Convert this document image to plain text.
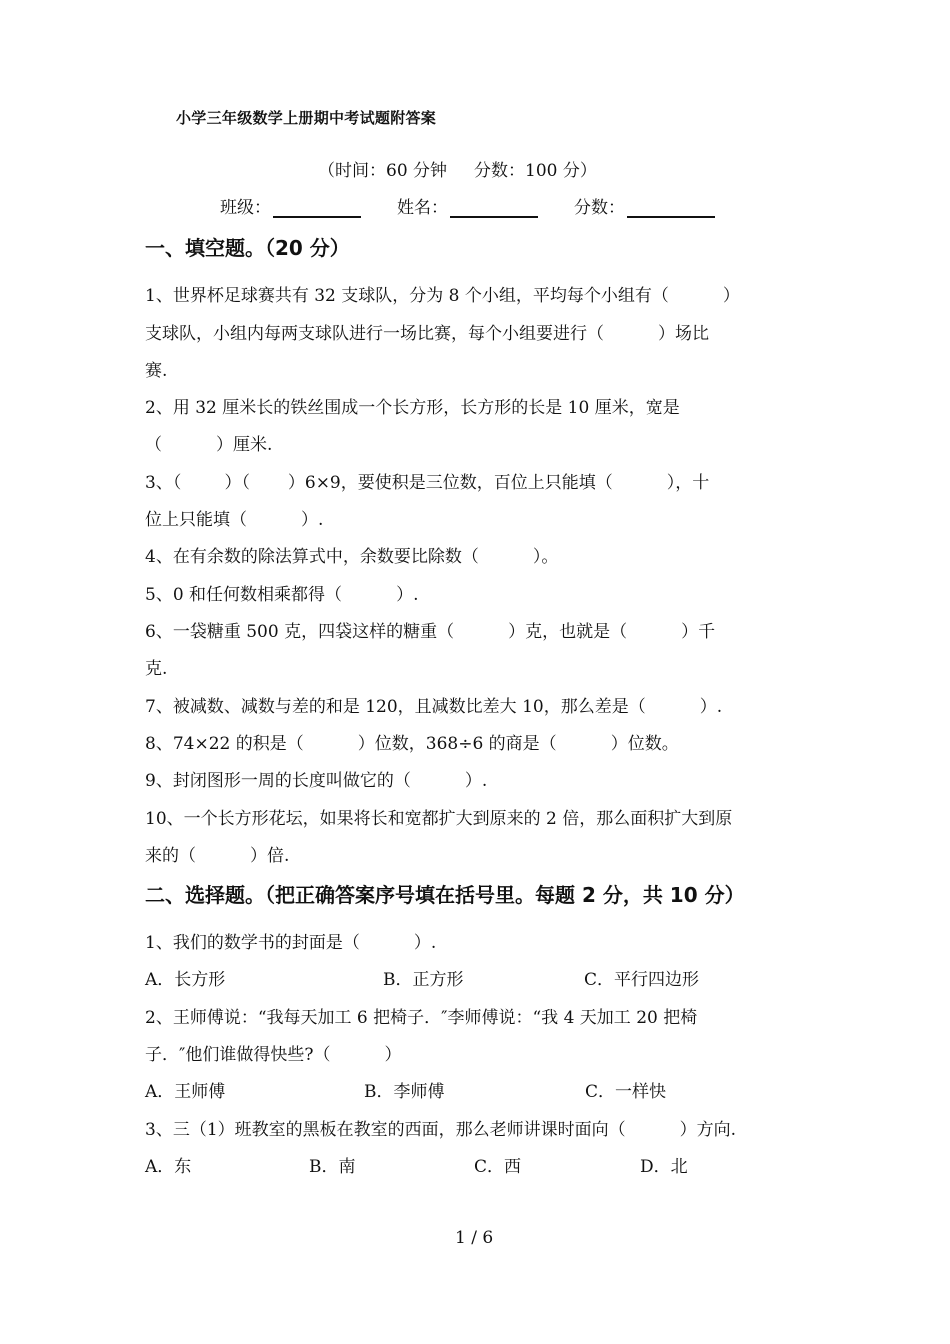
小学三年级数学上册期中考试题附答案
（时间：60 分钟     分数：100 分）
班级：	姓名：	分数：
一、填空题。（20 分）
1、世界杯足球赛共有 32 支球队，分为 8 个小组，平均每个小组有（          ）
支球队，小组内每两支球队进行一场比赛，每个小组要进行（          ）场比
赛.
2、用 32 厘米长的铁丝围成一个长方形，长方形的长是 10 厘米，宽是
（          ）厘米.
3、（        ）（       ）6×9，要使积是三位数，百位上只能填（          ），十
位上只能填（          ）.
4、在有余数的除法算式中，余数要比除数（          ）。
5、0 和任何数相乘都得（          ）.
6、一袋糖重 500 克，四袋这样的糖重（          ）克，也就是（          ）千
克.
7、被减数、减数与差的和是 120，且减数比差大 10，那么差是（          ）.
8、74×22 的积是（          ）位数，368÷6 的商是（          ）位数。
9、封闭图形一周的长度叫做它的（          ）.
10、一个长方形花坛，如果将长和宽都扩大到原来的 2 倍，那么面积扩大到原
来的（          ）倍.
二、选择题。（把正确答案序号填在括号里。每题 2 分，共 10 分）
1、我们的数学书的封面是（          ）.
A．长方形	B．正方形	C．平行四边形
2、王师傅说：“我每天加工 6 把椅子．″李师傅说：“我 4 天加工 20 把椅
子．″他们谁做得快些?（          ）
A．王师傅	B．李师傅	C．一样快
3、三（1）班教室的黑板在教室的西面，那么老师讲课时面向（          ）方向.
A．东	B．南	C．西	D．北
1 / 6
